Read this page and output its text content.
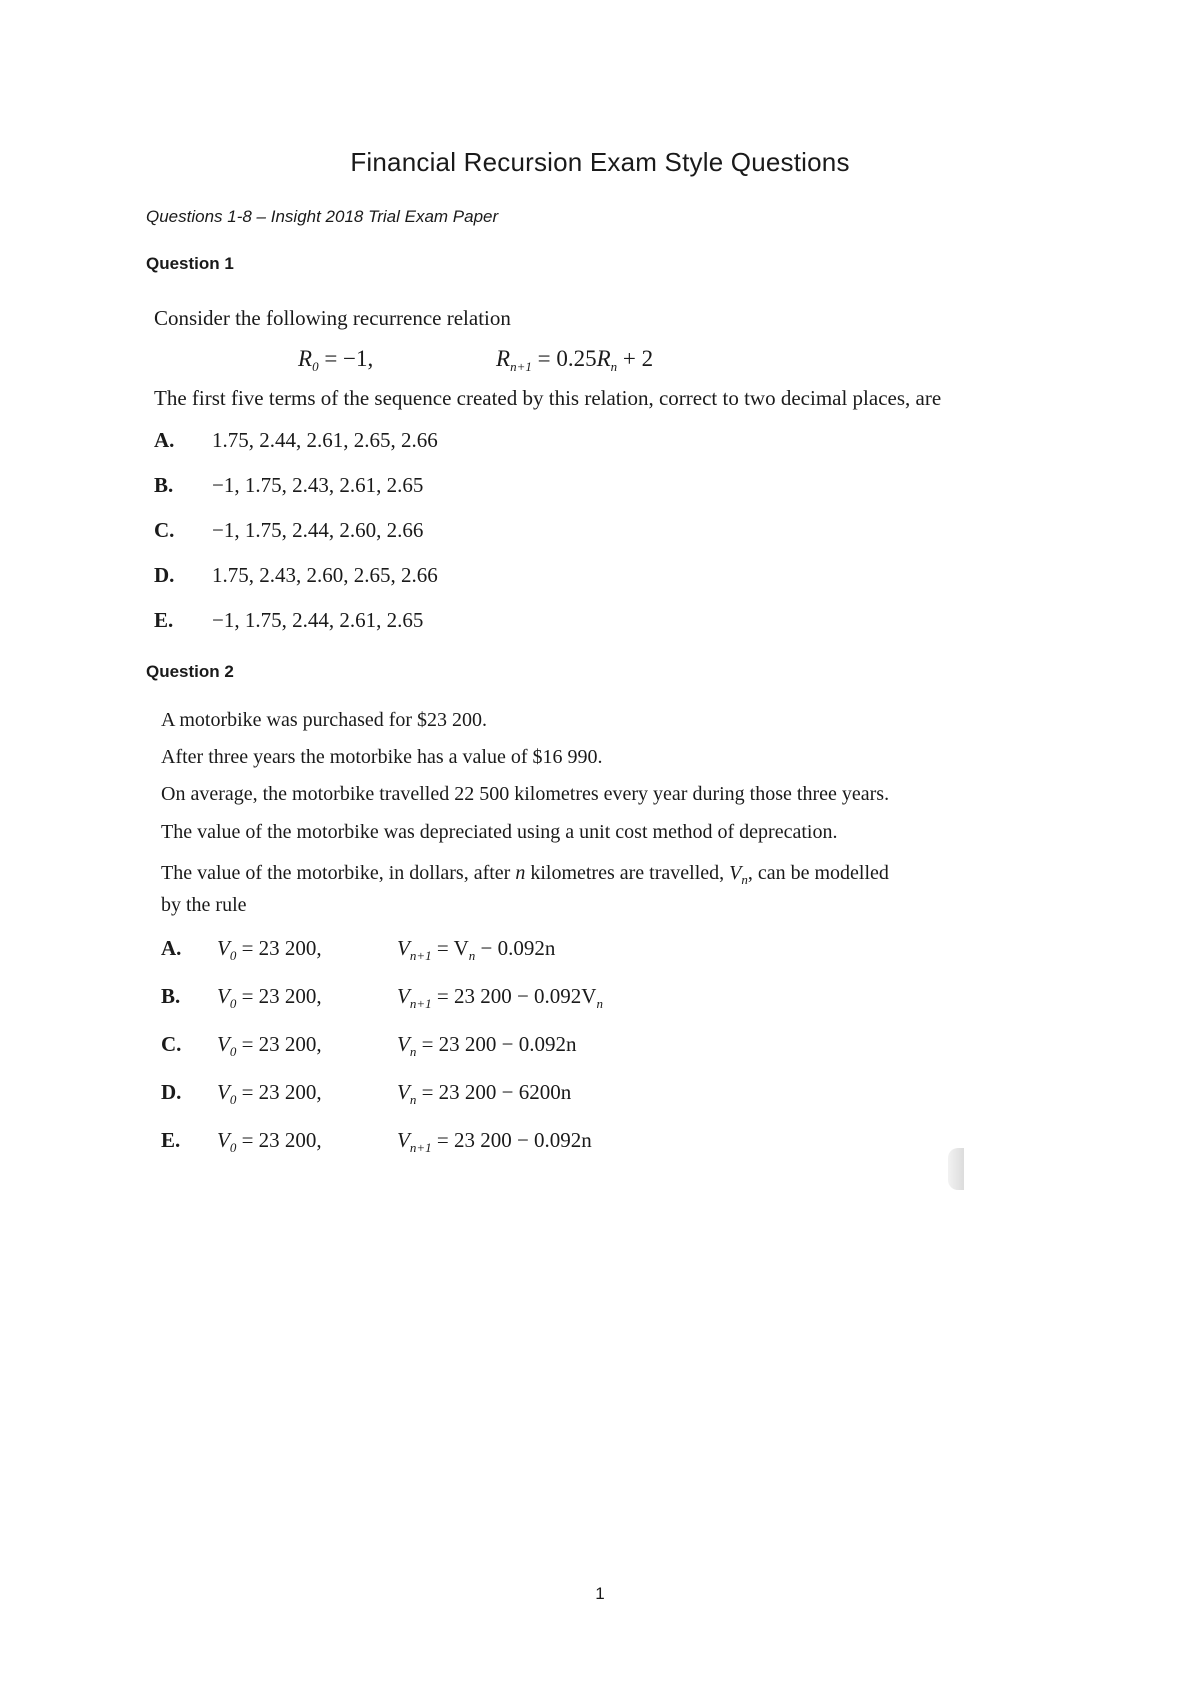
Financial Recursion Exam Style Questions
Questions 1-8 – Insight 2018 Trial Exam Paper
Question 1
Consider the following recurrence relation
$R_0 = -1$,	$R_{n+1} = 0.25R_n + 2$
The first five terms of the sequence created by this relation, correct to two decimal places, are
A. 1.75, 2.44, 2.61, 2.65, 2.66
B. −1, 1.75, 2.43, 2.61, 2.65
C. −1, 1.75, 2.44, 2.60, 2.66
D. 1.75, 2.43, 2.60, 2.65, 2.66
E. −1, 1.75, 2.44, 2.61, 2.65
Question 2
A motorbike was purchased for $23 200.
After three years the motorbike has a value of $16 990.
On average, the motorbike travelled 22 500 kilometres every year during those three years.
The value of the motorbike was depreciated using a unit cost method of deprecation.
The value of the motorbike, in dollars, after n kilometres are travelled, $V_n$, can be modelled
by the rule
A. $V_0 = 23$ 200,	$V_{n+1} = V_n - 0.092n$
B. $V_0 = 23$ 200,	$V_{n+1} = 23$ $200 - 0.092V_n$
C. $V_0 = 23$ 200,	$V_n = 23$ 200 − 0.092n
D. $V_0 = 23$ 200,	$V_n = 23$ 200 − 6200n
E. $V_0 = 23$ 200,	$V_{n+1} = 23$ 200 − 0.092n
1
